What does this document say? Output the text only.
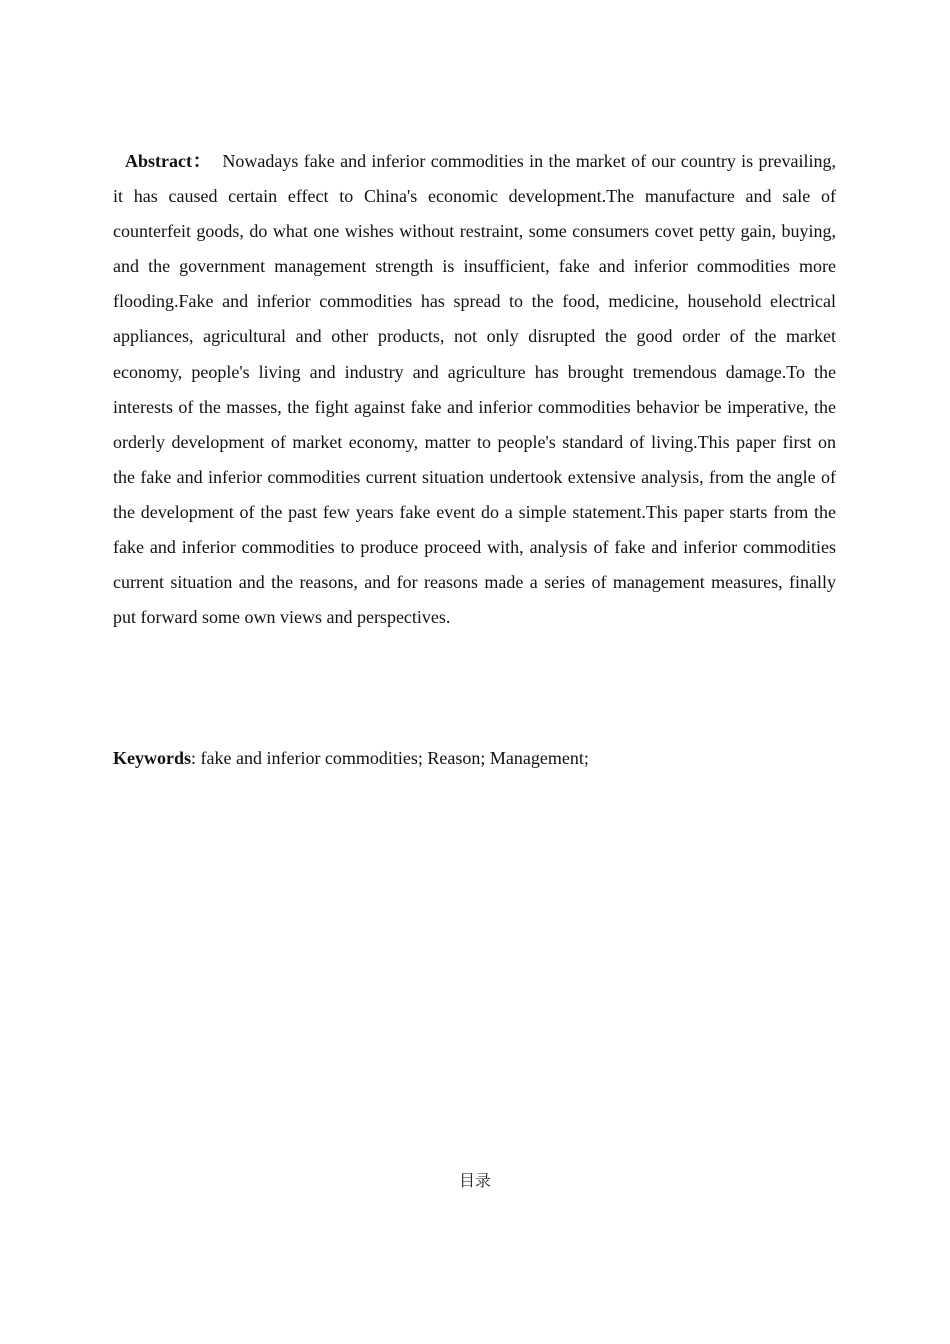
Abstract： Nowadays fake and inferior commodities in the market of our country is prevailing, it has caused certain effect to China's economic development.The manufacture and sale of counterfeit goods, do what one wishes without restraint, some consumers covet petty gain, buying, and the government management strength is insufficient, fake and inferior commodities more flooding.Fake and inferior commodities has spread to the food, medicine, household electrical appliances, agricultural and other products, not only disrupted the good order of the market economy, people's living and industry and agriculture has brought tremendous damage.To the interests of the masses, the fight against fake and inferior commodities behavior be imperative, the orderly development of market economy, matter to people's standard of living.This paper first on the fake and inferior commodities current situation undertook extensive analysis, from the angle of the development of the past few years fake event do a simple statement.This paper starts from the fake and inferior commodities to produce proceed with, analysis of fake and inferior commodities current situation and the reasons, and for reasons made a series of management measures, finally put forward some own views and perspectives.

Keywords: fake and inferior commodities; Reason; Management;

目录
